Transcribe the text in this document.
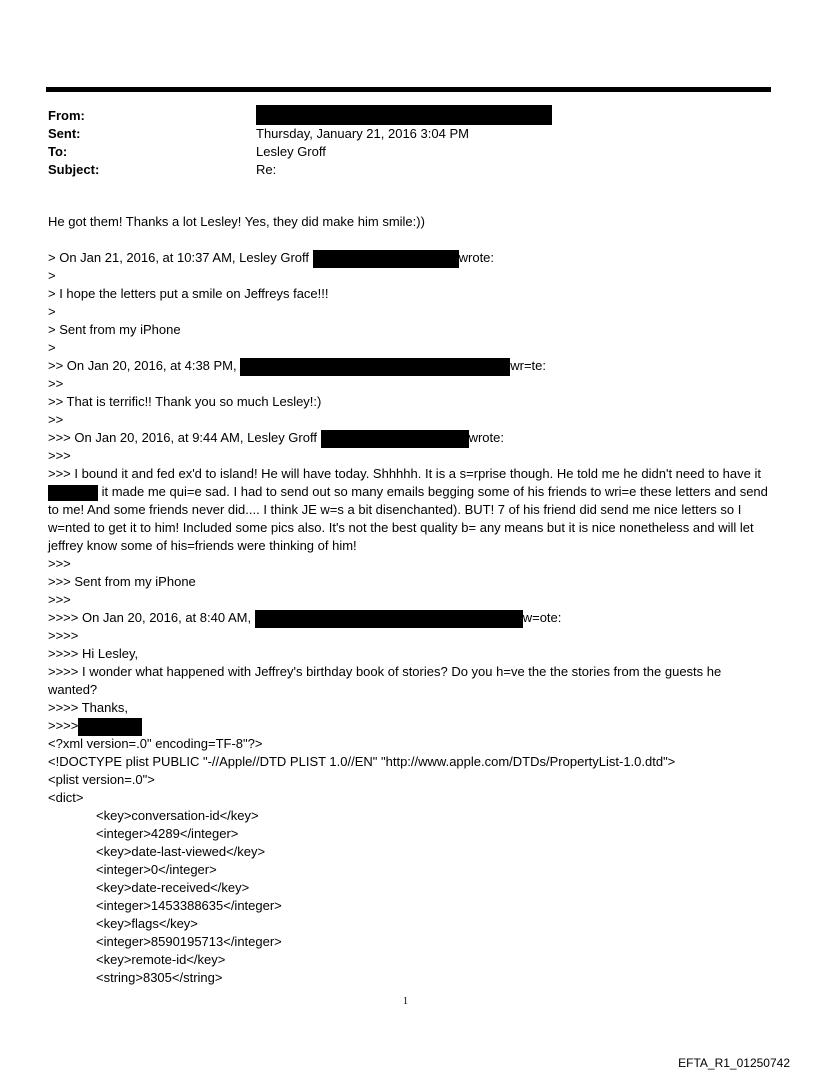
From:
Sent:	Thursday, January 21, 2016 3:04 PM
To:	Lesley Groff
Subject:	Re:
He got them! Thanks a lot Lesley! Yes, they did make him smile:))
> On Jan 21, 2016, at 10:37 AM, Lesley Groff	wrote:
>
> I hope the letters put a smile on Jeffreys face!!!
>
> Sent from my iPhone
>
>> On Jan 20, 2016, at 4:38 PM,	wr=te:
>>
>> That is terrific!! Thank you so much Lesley!:)
>>
>>> On Jan 20, 2016, at 9:44 AM, Lesley Groff	wrote:
>>>
>>> I bound it and fed ex'd to island! He will have today. Shhhhh. It is a s=rprise though. He told me he didn't need to have it  it made me qui=e sad. I had to send out so many emails begging some of his friends to wri=e these letters and send to me! And some friends never did.... I think JE w=s a bit disenchanted). BUT! 7 of his friend did send me nice letters so I w=nted to get it to him! Included some pics also. It's not the best quality b= any means but it is nice nonetheless and will let jeffrey know some of his=friends were thinking of him!
>>>
>>> Sent from my iPhone
>>>
>>>> On Jan 20, 2016, at 8:40 AM,	w=ote:
>>>>
>>>> Hi Lesley,
>>>> I wonder what happened with Jeffrey's birthday book of stories? Do you h=ve the the stories from the guests he wanted?
>>>> Thanks,
>>>>
<?xml version=.0" encoding=TF-8"?>
<!DOCTYPE plist PUBLIC "-//Apple//DTD PLIST 1.0//EN" "http://www.apple.com/DTDs/PropertyList-1.0.dtd">
<plist version=.0">
<dict>
<key>conversation-id</key>
<integer>4289</integer>
<key>date-last-viewed</key>
<integer>0</integer>
<key>date-received</key>
<integer>1453388635</integer>
<key>flags</key>
<integer>8590195713</integer>
<key>remote-id</key>
<string>8305</string>
1
EFTA_R1_01250742
